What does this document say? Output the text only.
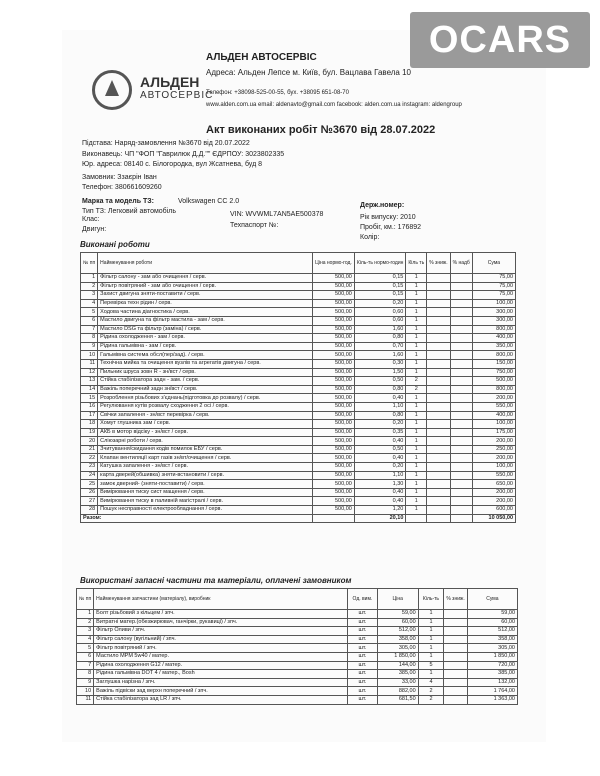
OCARS
АЛЬДЕН
АВТОСЕРВІС
АЛЬДЕН АВТОСЕРВІС
Адреса: Альден Лепсе м. Київ, бул. Вацлава Гавела 10
Телефон: +38098-525-00-55, бух. +38095 651-08-70
www.alden.com.ua email: aldenavto@gmail.com facebook: alden.com.ua instagram: aldengroup
Акт виконаних робіт №3670 від 28.07.2022
Підстава: Наряд-замовлення №3670 від 20.07.2022
Виконавець: ЧП "ФОП "Гаврилюк Д.Д."" ЄДРПОУ: 3023802335
Юр. адреса: 08140 с. Білогородка, вул Жсатнева, буд 8
Замовник: Ззаєрін Іван
Телефон: 380661609260
Марка та модель ТЗ:	Volkswagen CC 2.0
Тип ТЗ: Легковий автомобіль
Клас:
Двигун:
VIN: WVWML7AN5AE500378
Техпаспорт №:
Держ.номер:
Рік випуску: 2010
Пробіг, км.: 176892
Колір:
Виконані роботи
№ пп	Найменування роботи	Ціна нормо-год.	Кіль-ть нормо-годин	Кіль ть	% зниж.	% надб	Сума
1	Фільтр салону - зам або очищення / серв.	500,00	0,15	1			75,00
2	Фільтр повітряний - зам або очищення / серв.	500,00	0,15	1			75,00
3	Захист двигуна зняти-поставити / серв.	500,00	0,15	1			75,00
4	Перевірка техн рідин / серв.	500,00	0,20	1			100,00
5	Ходова частина діагностика / серв.	500,00	0,60	1			300,00
6	Мастило двигуна та фільтр мастила - зам / серв.	500,00	0,60	1			300,00
7	Мастило DSG та фільтр (заміна) / серв.	500,00	1,60	1			800,00
8	Рідина охолодження - зам / серв.	500,00	0,80	1			400,00
9	Рідина гальмівна - зам / серв.	500,00	0,70	1			350,00
10	Гальмівна система обсл(пер/зад). / серв.	500,00	1,60	1			800,00
11	Технічна мийка та очищення вузлів та агрегатів двигуна / серв.	500,00	0,30	1			150,00
12	Пильник шруса зовн R - зн/вст / серв.	500,00	1,50	1			750,00
13	Стійка стабілізатора задн - зам. / серв.	500,00	0,50	2			500,00
14	Важіль поперечний задн зн/вст / серв.	500,00	0,80	2			800,00
15	Розроблення різьбових з'єднань(підготовка до розвалу) / серв.	500,00	0,40	1			200,00
16	Регулювання кутів розвалу сходження 2 осі / серв.	500,00	1,10	1			550,00
17	Свічки запалення - зн/вст перевірка / серв.	500,00	0,80	1			400,00
18	Хомут глушника зам / серв.	500,00	0,20	1			100,00
19	АКБ в мотор відсіку - зн/вст / серв.	500,00	0,35	1			175,00
20	Сліюзарні роботи / серв.	500,00	0,40	1			200,00
21	Зчитування/скидання кодів помилок ЕБУ / серв.	500,00	0,50	1			250,00
22	Клапан вентиляції карт газів зн/вт/очищення / серв.	500,00	0,40	1			200,00
23	Катушка запалення - зн/вст / серв.	500,00	0,20	1			100,00
24	карта дверей(обшивка) зняти-встановити / серв.	500,00	1,10	1			550,00
25	замок дверний- (зняти-поставити) / серв.	500,00	1,30	1			650,00
26	Вимірювання тиску сист мащення / серв.	500,00	0,40	1			200,00
27	Вимірювання тиску в паливній магістралі / серв.	500,00	0,40	1			200,00
28	Пошук несправності електрообладнання / серв.	500,00	1,20	1			600,00
Разом:			20,10				10 050,00
Використані запасні частини та матеріали, оплачені замовником
№ пп	Найменування запчастини (матеріалу), виробник	Од. вим.	Ціна	Кіль-ть	% зниж.	Сума
1	Болт різьбовий з кільцем / зпч.	шт.	59,00	1		59,00
2	Витратні матер.(обезжирювач, ганчірки, рукавиці) / зпч.	шт.	60,00	1		60,00
3	Фільтр Оливи / зпч.	шт.	512,00	1		512,00
4	Фільтр салону (вугільний) / зпч.	шт.	358,00	1		358,00
5	Фільтр повітряний / зпч.	шт.	305,00	1		305,00
6	Мастило MPM 5w40 / матер.	шт.	1 850,00	1		1 850,00
7	Рідина охолодження G12 / матер.	шт.	144,00	5		720,00
8	Рідина гальмівна DOT 4 / матер., Bosh	шт.	385,00	1		385,00
9	Заглушка нарізна / зпч.	шт.	33,00	4		132,00
10	Важіль підвіски зад верхн поперечний / зпч.	шт.	882,00	2		1 764,00
11	Стійка стабілізатора зад LR / зпч.	шт.	681,50	2		1 363,00
